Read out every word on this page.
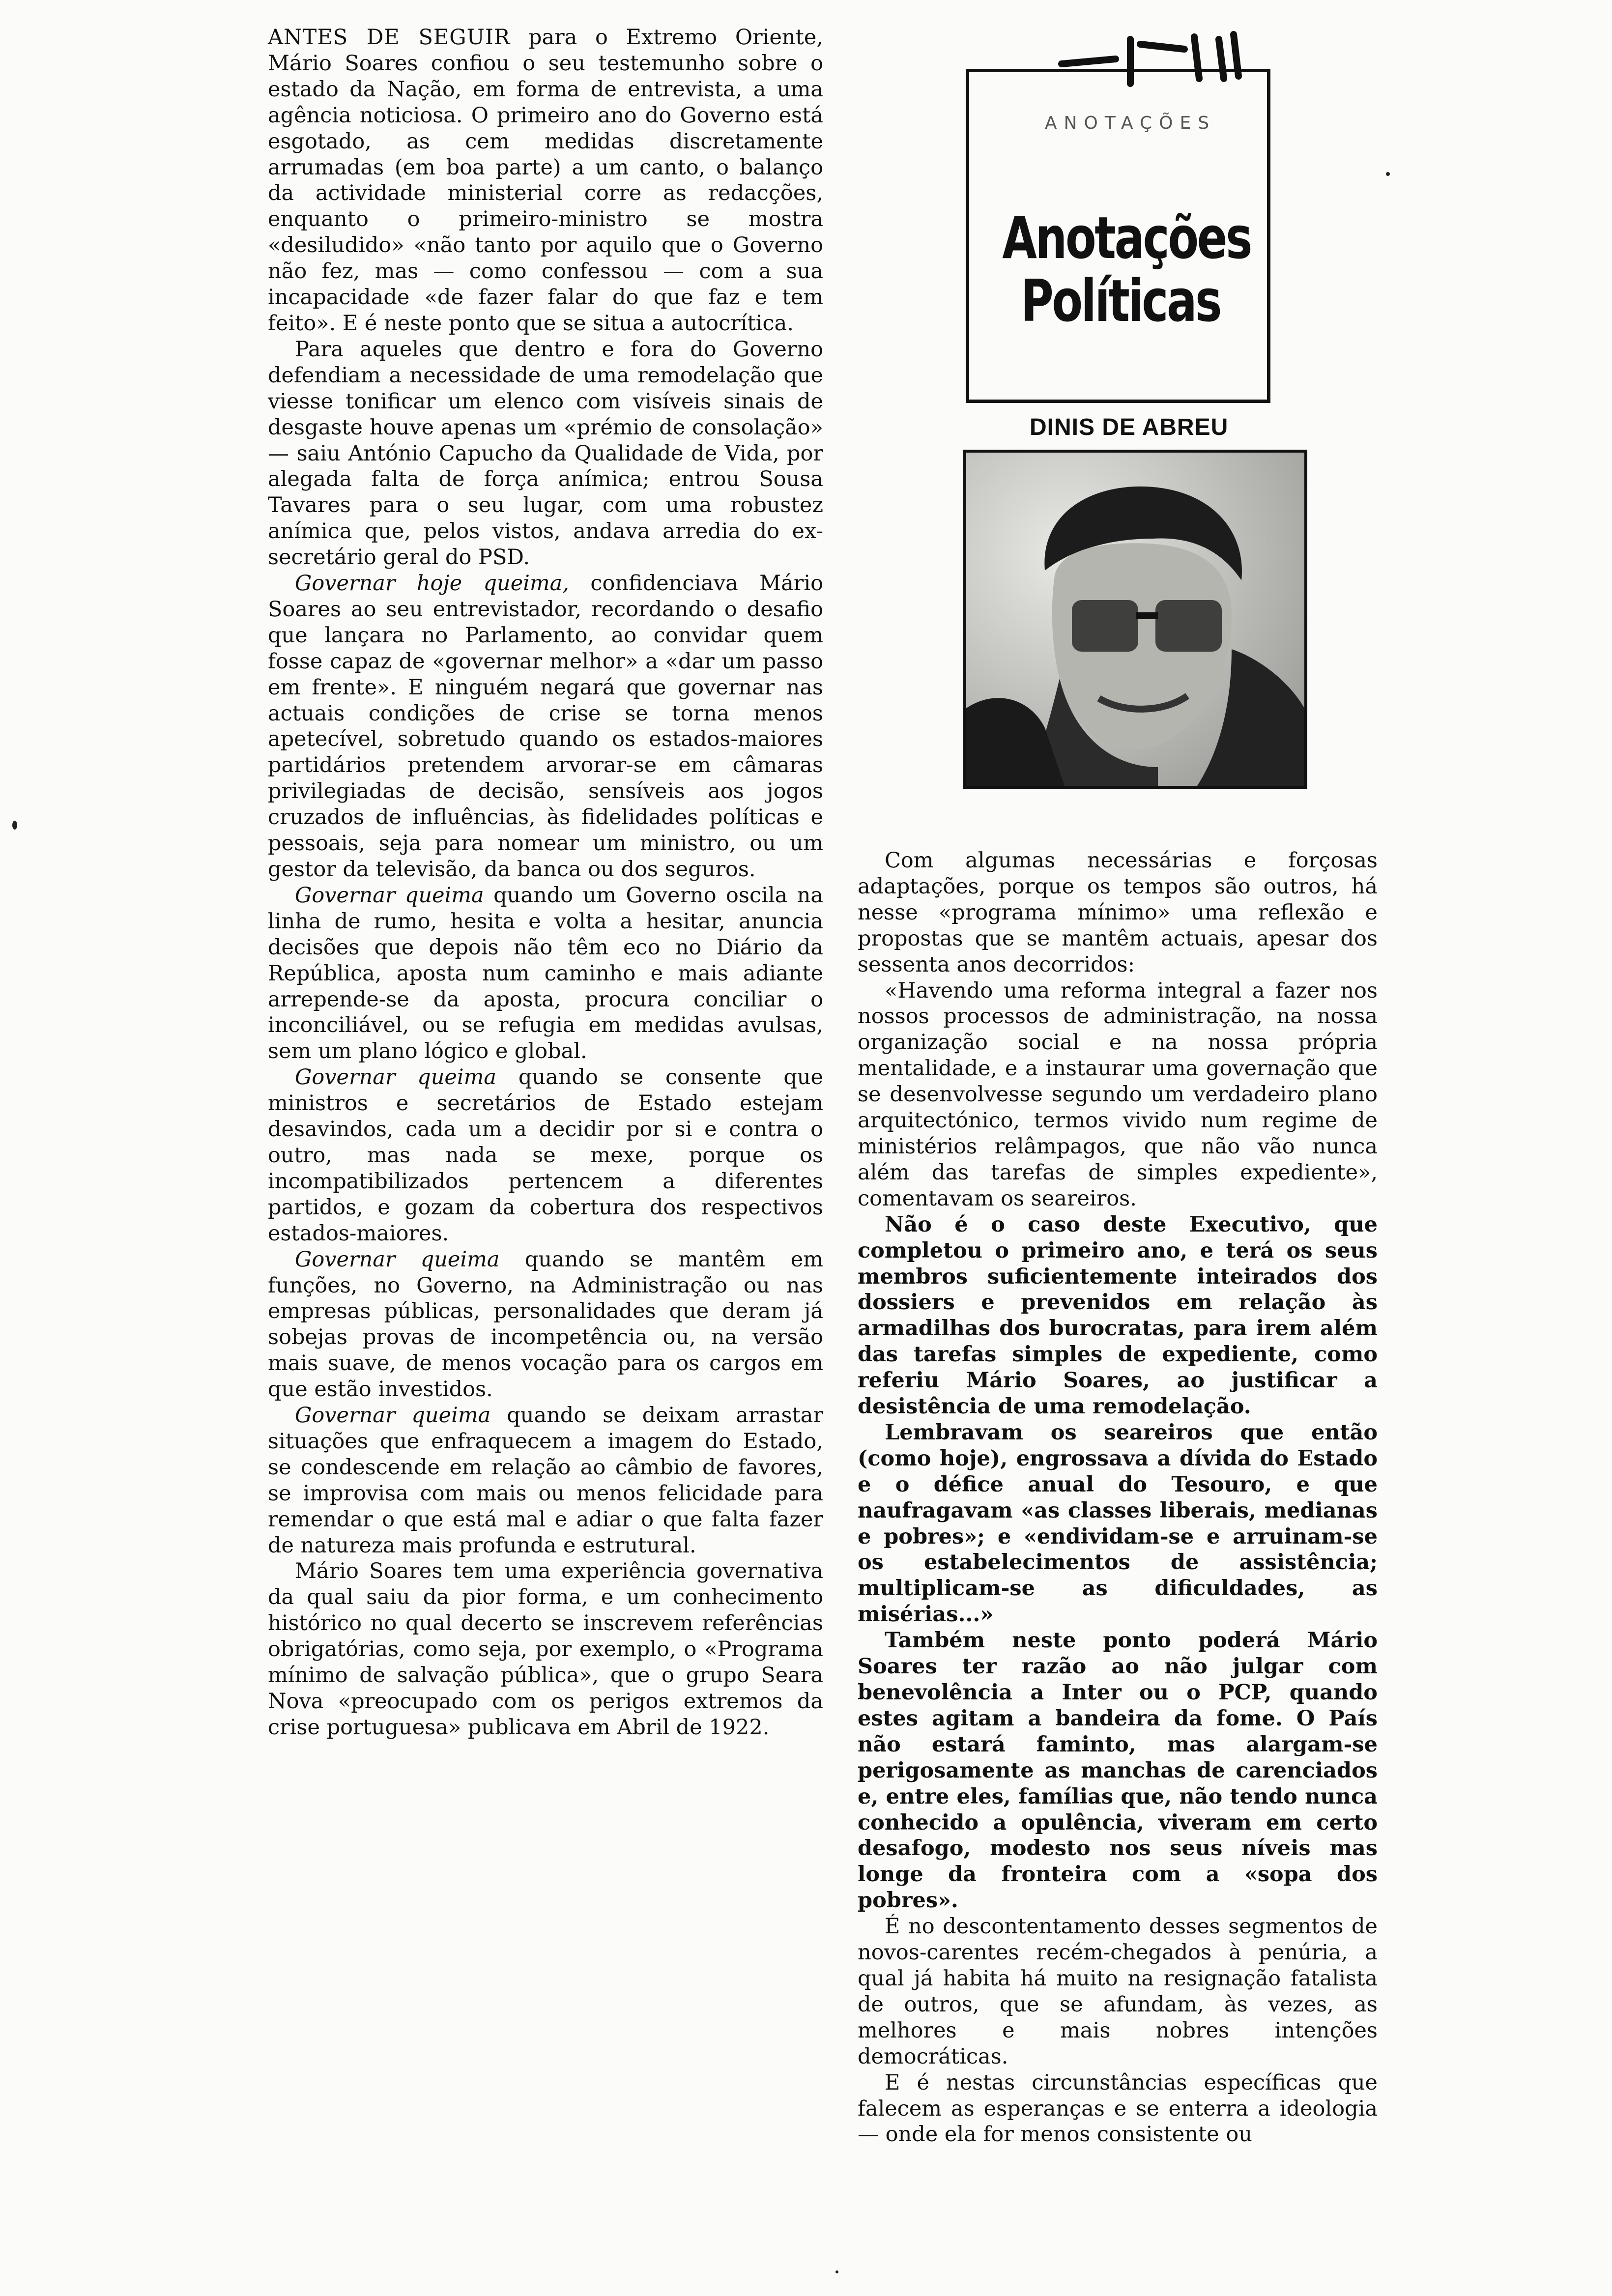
ANOTAÇÕES
Anotações
Políticas
DINIS DE ABREU

ANTES DE SEGUIR para o Extremo Oriente, Mário Soares confiou o seu testemunho sobre o estado da Nação, em forma de entrevista, a uma agência noticiosa. O primeiro ano do Governo está esgotado, as cem medidas discretamente arrumadas (em boa parte) a um canto, o balanço da actividade ministerial corre as redacções, enquanto o primeiro-ministro se mostra «desiludido» «não tanto por aquilo que o Governo não fez, mas — como confessou — com a sua incapacidade «de fazer falar do que faz e tem feito». E é neste ponto que se situa a autocrítica.

Para aqueles que dentro e fora do Governo defendiam a necessidade de uma remodelação que viesse tonificar um elenco com visíveis sinais de desgaste houve apenas um «prémio de consolação» — saiu António Capucho da Qualidade de Vida, por alegada falta de força anímica; entrou Sousa Tavares para o seu lugar, com uma robustez anímica que, pelos vistos, andava arredia do ex-secretário geral do PSD.

Governar hoje queima, confidenciava Mário Soares ao seu entrevistador, recordando o desafio que lançara no Parlamento, ao convidar quem fosse capaz de «governar melhor» a «dar um passo em frente». E ninguém negará que governar nas actuais condições de crise se torna menos apetecível, sobretudo quando os estados-maiores partidários pretendem arvorar-se em câmaras privilegiadas de decisão, sensíveis aos jogos cruzados de influências, às fidelidades políticas e pessoais, seja para nomear um ministro, ou um gestor da televisão, da banca ou dos seguros.

Governar queima quando um Governo oscila na linha de rumo, hesita e volta a hesitar, anuncia decisões que depois não têm eco no Diário da República, aposta num caminho e mais adiante arrepende-se da aposta, procura conciliar o inconciliável, ou se refugia em medidas avulsas, sem um plano lógico e global.

Governar queima quando se consente que ministros e secretários de Estado estejam desavindos, cada um a decidir por si e contra o outro, mas nada se mexe, porque os incompatibilizados pertencem a diferentes partidos, e gozam da cobertura dos respectivos estados-maiores.

Governar queima quando se mantêm em funções, no Governo, na Administração ou nas empresas públicas, personalidades que deram já sobejas provas de incompetência ou, na versão mais suave, de menos vocação para os cargos em que estão investidos.

Governar queima quando se deixam arrastar situações que enfraquecem a imagem do Estado, se condescende em relação ao câmbio de favores, se improvisa com mais ou menos felicidade para remendar o que está mal e adiar o que falta fazer de natureza mais profunda e estrutural.

Mário Soares tem uma experiência governativa da qual saiu da pior forma, e um conhecimento histórico no qual decerto se inscrevem referências obrigatórias, como seja, por exemplo, o «Programa mínimo de salvação pública», que o grupo Seara Nova «preocupado com os perigos extremos da crise portuguesa» publicava em Abril de 1922.

Com algumas necessárias e forçosas adaptações, porque os tempos são outros, há nesse «programa mínimo» uma reflexão e propostas que se mantêm actuais, apesar dos sessenta anos decorridos:

«Havendo uma reforma integral a fazer nos nossos processos de administração, na nossa organização social e na nossa própria mentalidade, e a instaurar uma governação que se desenvolvesse segundo um verdadeiro plano arquitectónico, termos vivido num regime de ministérios relâmpagos, que não vão nunca além das tarefas de simples expediente», comentavam os seareiros.

Não é o caso deste Executivo, que completou o primeiro ano, e terá os seus membros suficientemente inteirados dos dossiers e prevenidos em relação às armadilhas dos burocratas, para irem além das tarefas simples de expediente, como referiu Mário Soares, ao justificar a desistência de uma remodelação.

Lembravam os seareiros que então (como hoje), engrossava a dívida do Estado e o défice anual do Tesouro, e que naufragavam «as classes liberais, medianas e pobres»; e «endividam-se e arruinam-se os estabelecimentos de assistência; multiplicam-se as dificuldades, as misérias...»

Também neste ponto poderá Mário Soares ter razão ao não julgar com benevolência a Inter ou o PCP, quando estes agitam a bandeira da fome. O País não estará faminto, mas alargam-se perigosamente as manchas de carenciados e, entre eles, famílias que, não tendo nunca conhecido a opulência, viveram em certo desafogo, modesto nos seus níveis mas longe da fronteira com a «sopa dos pobres».

É no descontentamento desses segmentos de novos-carentes recém-chegados à penúria, a qual já habita há muito na resignação fatalista de outros, que se afundam, às vezes, as melhores e mais nobres intenções democráticas.

E é nestas circunstâncias específicas que falecem as esperanças e se enterra a ideologia — onde ela for menos consistente ou
